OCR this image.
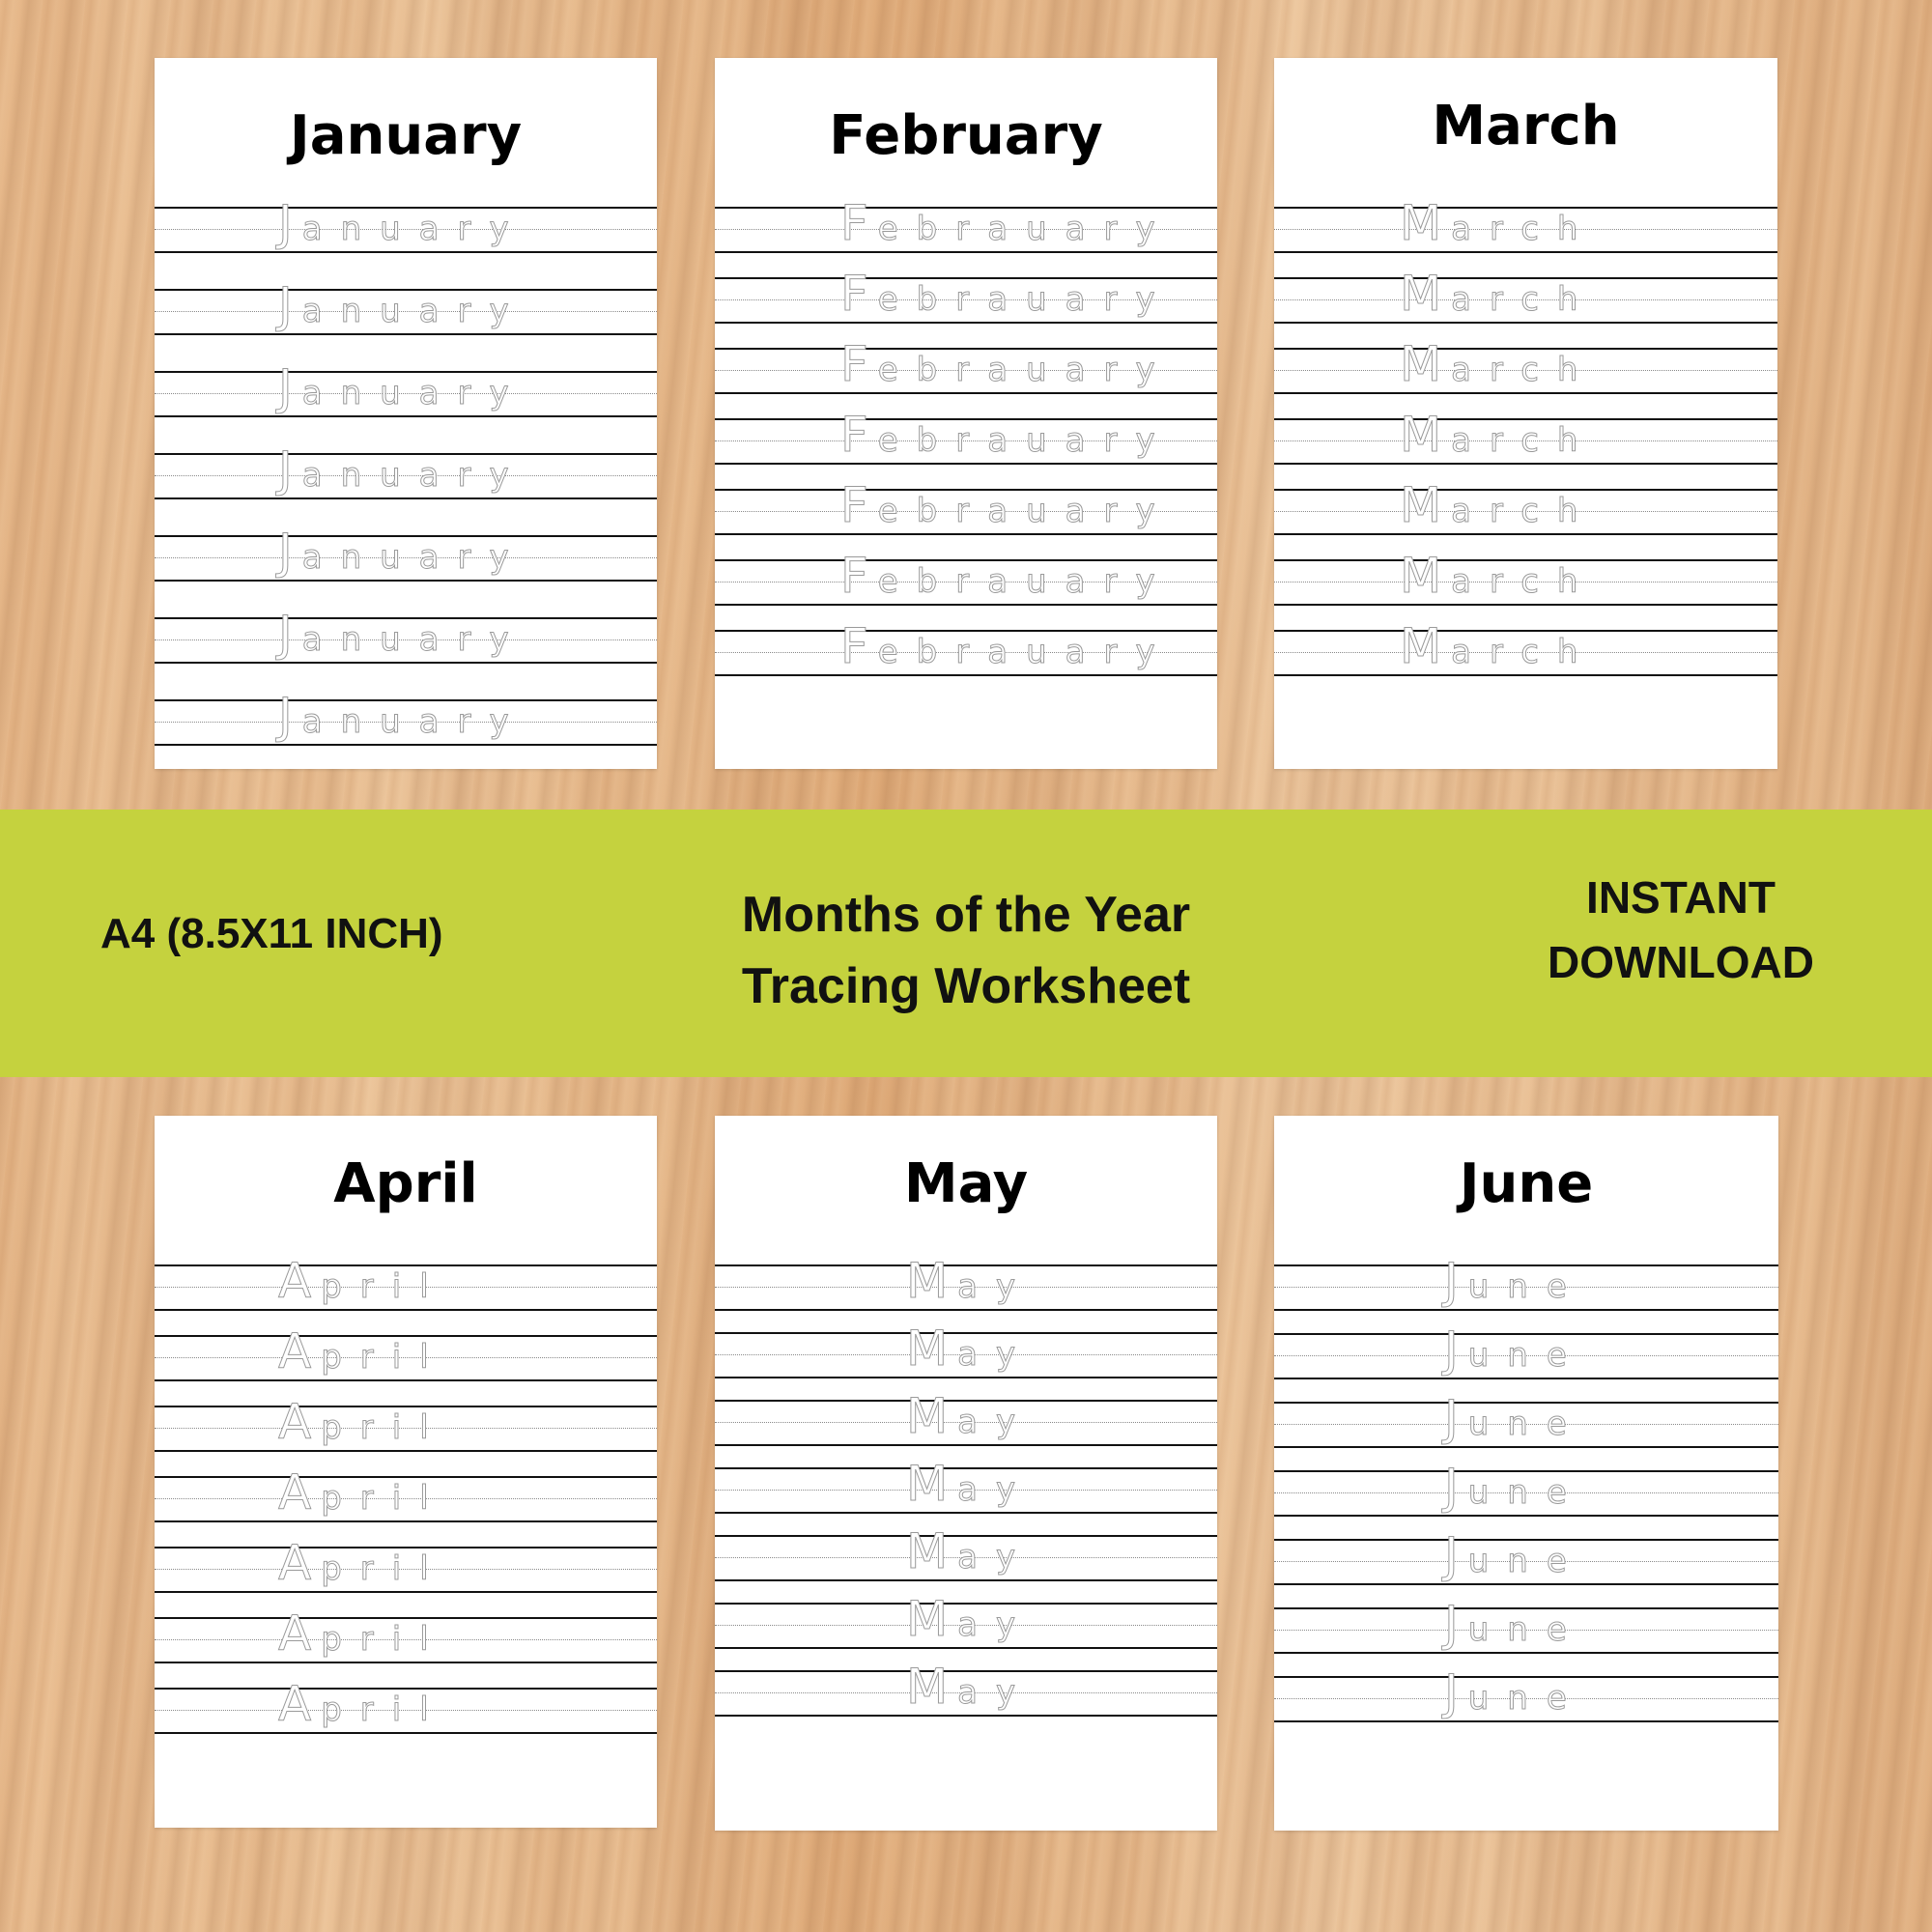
January
January
January
January
January
January
January
January
February
Febrauary
Febrauary
Febrauary
Febrauary
Febrauary
Febrauary
Febrauary
March
March
March
March
March
March
March
March
A4 (8.5X11 INCH)	Months of the Year
Tracing Worksheet
INSTANT
DOWNLOAD
April
April
April
April
April
April
April
April
May
May
May
May
May
May
May
May
June
June
June
June
June
June
June
June
